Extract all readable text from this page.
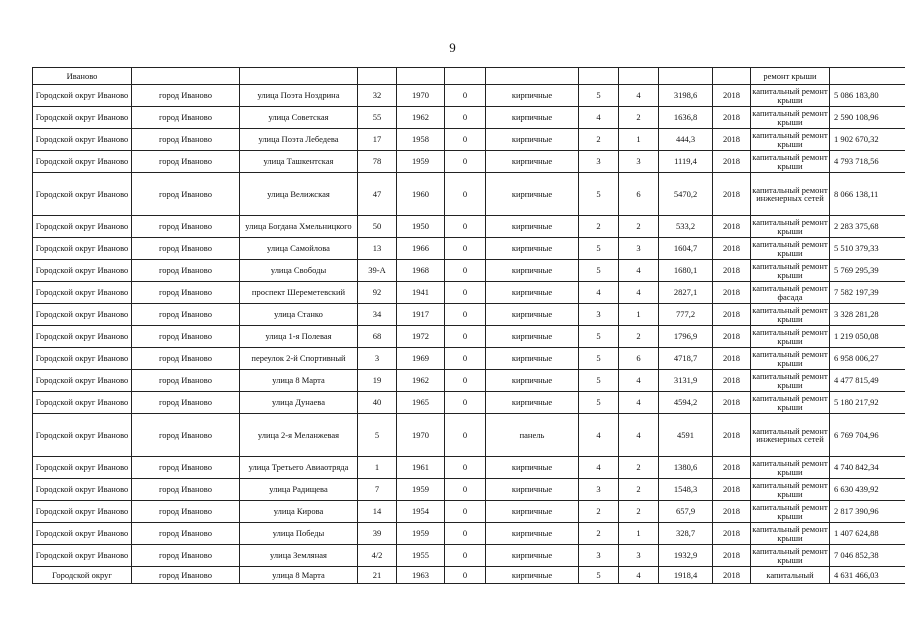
9
Иваново											ремонт крыши	
Городской округ Иваново	город Иваново	улица Поэта Ноздрина	32	1970	0	кирпичные	5	4	3198,6	2018	капитальный ремонт крыши	5 086 183,80
Городской округ Иваново	город Иваново	улица Советская	55	1962	0	кирпичные	4	2	1636,8	2018	капитальный ремонт крыши	2 590 108,96
Городской округ Иваново	город Иваново	улица Поэта Лебедева	17	1958	0	кирпичные	2	1	444,3	2018	капитальный ремонт крыши	1 902 670,32
Городской округ Иваново	город Иваново	улица Ташкентская	78	1959	0	кирпичные	3	3	1119,4	2018	капитальный ремонт крыши	4 793 718,56
Городской округ Иваново	город Иваново	улица Велижская	47	1960	0	кирпичные	5	6	5470,2	2018	капитальный ремонт инженерных сетей	8 066 138,11
Городской округ Иваново	город Иваново	улица Богдана Хмельницкого	50	1950	0	кирпичные	2	2	533,2	2018	капитальный ремонт крыши	2 283 375,68
Городской округ Иваново	город Иваново	улица Самойлова	13	1966	0	кирпичные	5	3	1604,7	2018	капитальный ремонт крыши	5 510 379,33
Городской округ Иваново	город Иваново	улица Свободы	39-А	1968	0	кирпичные	5	4	1680,1	2018	капитальный ремонт крыши	5 769 295,39
Городской округ Иваново	город Иваново	проспект Шереметевский	92	1941	0	кирпичные	4	4	2827,1	2018	капитальный ремонт фасада	7 582 197,39
Городской округ Иваново	город Иваново	улица Станко	34	1917	0	кирпичные	3	1	777,2	2018	капитальный ремонт крыши	3 328 281,28
Городской округ Иваново	город Иваново	улица 1-я Полевая	68	1972	0	кирпичные	5	2	1796,9	2018	капитальный ремонт крыши	1 219 050,08
Городской округ Иваново	город Иваново	переулок 2-й Спортивный	3	1969	0	кирпичные	5	6	4718,7	2018	капитальный ремонт крыши	6 958 006,27
Городской округ Иваново	город Иваново	улица 8 Марта	19	1962	0	кирпичные	5	4	3131,9	2018	капитальный ремонт крыши	4 477 815,49
Городской округ Иваново	город Иваново	улица Дунаева	40	1965	0	кирпичные	5	4	4594,2	2018	капитальный ремонт крыши	5 180 217,92
Городской округ Иваново	город Иваново	улица 2-я Меланжевая	5	1970	0	панель	4	4	4591	2018	капитальный ремонт инженерных сетей	6 769 704,96
Городской округ Иваново	город Иваново	улица Третьего Авиаотряда	1	1961	0	кирпичные	4	2	1380,6	2018	капитальный ремонт крыши	4 740 842,34
Городской округ Иваново	город Иваново	улица Радищева	7	1959	0	кирпичные	3	2	1548,3	2018	капитальный ремонт крыши	6 630 439,92
Городской округ Иваново	город Иваново	улица Кирова	14	1954	0	кирпичные	2	2	657,9	2018	капитальный ремонт крыши	2 817 390,96
Городской округ Иваново	город Иваново	улица Победы	39	1959	0	кирпичные	2	1	328,7	2018	капитальный ремонт крыши	1 407 624,88
Городской округ Иваново	город Иваново	улица Земляная	4/2	1955	0	кирпичные	3	3	1932,9	2018	капитальный ремонт крыши	7 046 852,38
Городской округ	город Иваново	улица 8 Марта	21	1963	0	кирпичные	5	4	1918,4	2018	капитальный	4 631 466,03
